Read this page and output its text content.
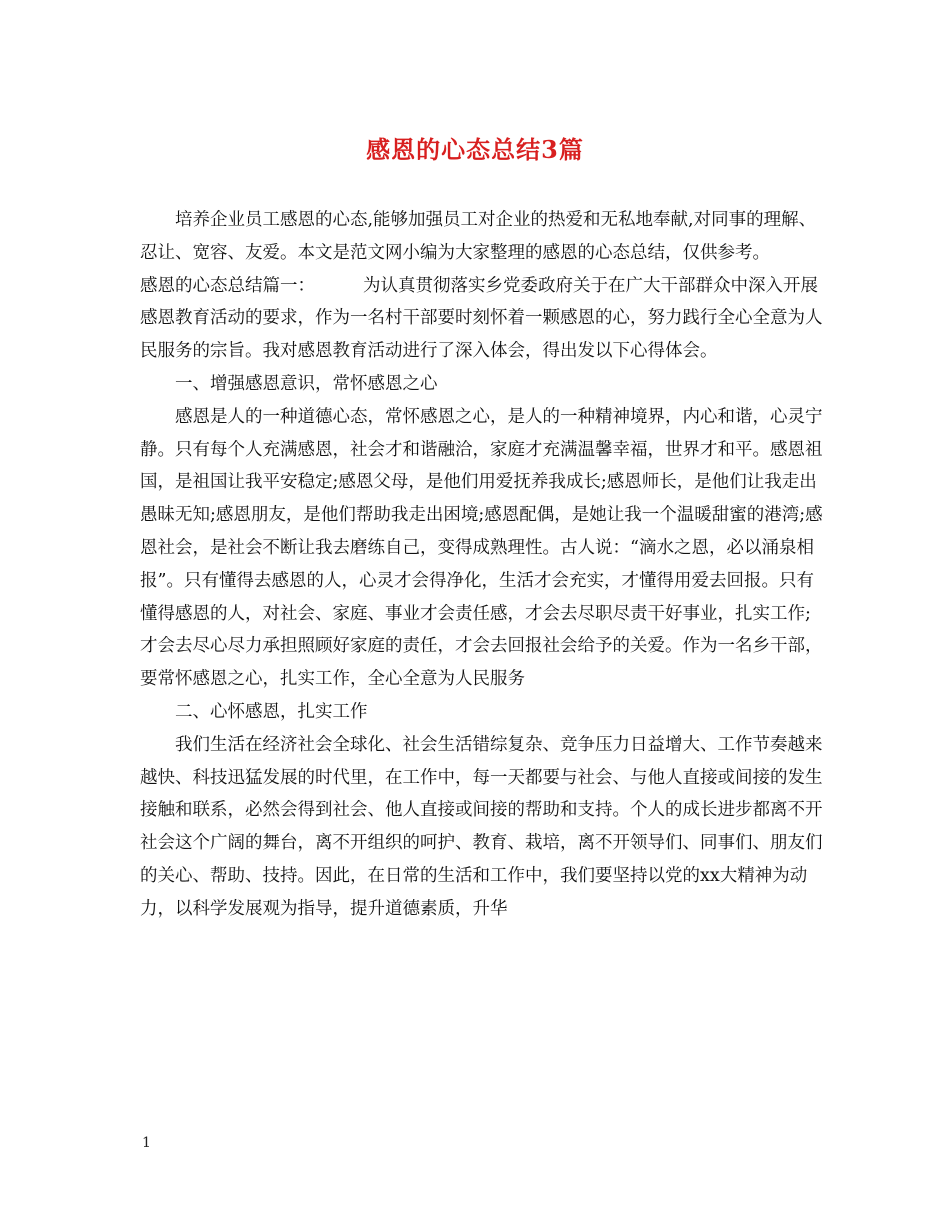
感恩的心态总结3篇

培养企业员工感恩的心态,能够加强员工对企业的热爱和无私地奉献,对同事的理解、忍让、宽容、友爱。本文是范文网小编为大家整理的感恩的心态总结，仅供参考。

感恩的心态总结篇一：	为认真贯彻落实乡党委政府关于在广大干部群众中深入开展感恩教育活动的要求，作为一名村干部要时刻怀着一颗感恩的心，努力践行全心全意为人民服务的宗旨。我对感恩教育活动进行了深入体会，得出发以下心得体会。

一、增强感恩意识，常怀感恩之心

感恩是人的一种道德心态，常怀感恩之心，是人的一种精神境界，内心和谐，心灵宁静。只有每个人充满感恩，社会才和谐融洽，家庭才充满温馨幸福，世界才和平。感恩祖国，是祖国让我平安稳定;感恩父母，是他们用爱抚养我成长;感恩师长，是他们让我走出愚昧无知;感恩朋友，是他们帮助我走出困境;感恩配偶，是她让我一个温暖甜蜜的港湾;感恩社会，是社会不断让我去磨练自己，变得成熟理性。古人说：“滴水之恩，必以涌泉相报”。只有懂得去感恩的人，心灵才会得净化，生活才会充实，才懂得用爱去回报。只有懂得感恩的人，对社会、家庭、事业才会责任感，才会去尽职尽责干好事业，扎实工作;才会去尽心尽力承担照顾好家庭的责任，才会去回报社会给予的关爱。作为一名乡干部，要常怀感恩之心，扎实工作，全心全意为人民服务

二、心怀感恩，扎实工作

我们生活在经济社会全球化、社会生活错综复杂、竞争压力日益增大、工作节奏越来越快、科技迅猛发展的时代里，在工作中，每一天都要与社会、与他人直接或间接的发生接触和联系，必然会得到社会、他人直接或间接的帮助和支持。个人的成长进步都离不开社会这个广阔的舞台，离不开组织的呵护、教育、栽培，离不开领导们、同事们、朋友们的关心、帮助、技持。因此，在日常的生活和工作中，我们要坚持以党的xx大精神为动力，以科学发展观为指导，提升道德素质，升华

1
